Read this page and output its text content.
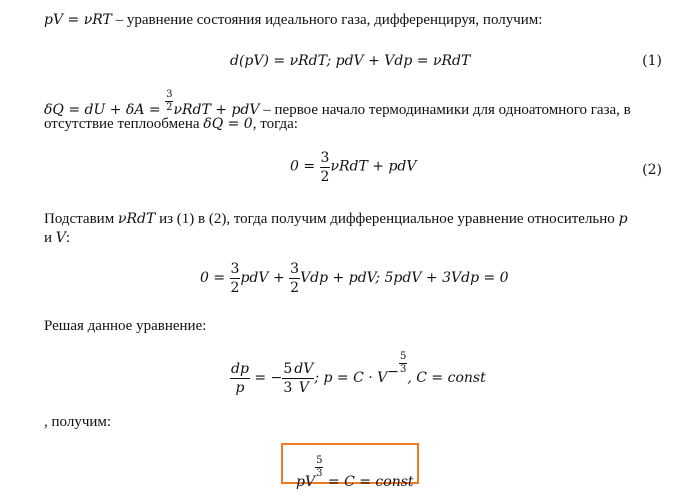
pV = νRT – уравнение состояния идеального газа, дифференцируя, получим:
d(pV) = νRdT; pdV + Vdp = νRdT	(1)
δQ = dU + $\delta A = \frac{3}{2}$ νRdT + pdV – первое начало термодинамики для одноатомного газа, в
отсутствие теплообмена δQ = 0, тогда:
$0 = \frac{3}{2}$ νRdT + pdV	(2)
Подставим νRdT из (1) в (2), тогда получим дифференциальное уравнение относительно p
и V:
$0 = \frac{3}{2}$ pdV + $\frac{3}{2}$ Vdp + pdV; 5pdV + 3Vdp = 0
Решая данное уравнение:
$\frac{dp}{p}$ = − $\frac{5}{3} \frac{dV}{V}$ ; $p = C \cdot V^{- \frac{5}{3}}$
, C = const
, получим:
pV
$^{\frac{5}{3}}$
= C = const
